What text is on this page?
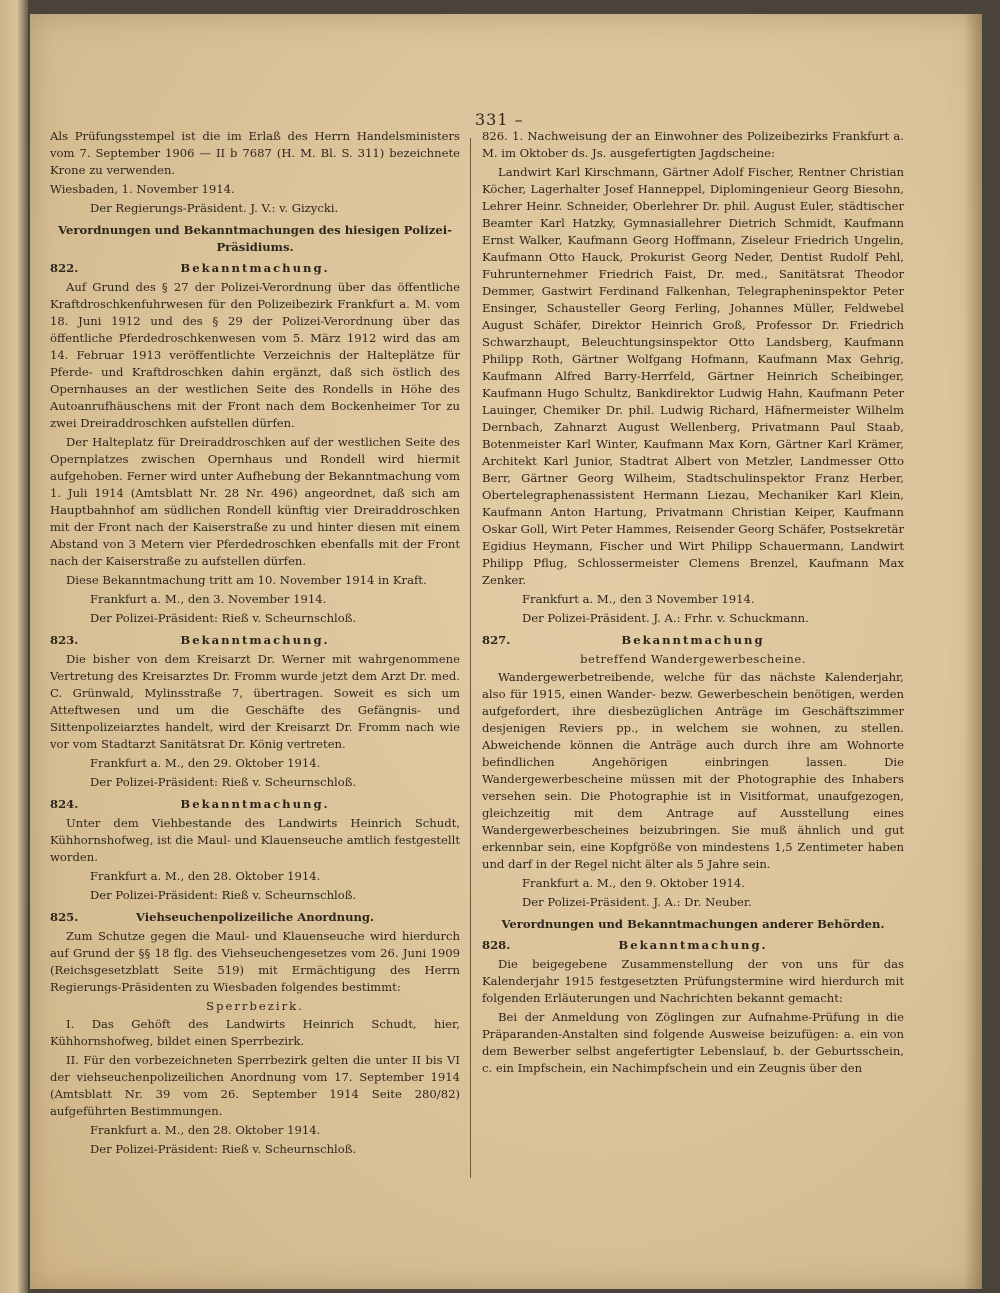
331 –

Als Prüfungsstempel ist die im Erlaß des Herrn Handelsministers vom 7. September 1906 — II b 7687 (H. M. Bl. S. 311) bezeichnete Krone zu verwenden.

Wiesbaden, 1. November 1914.

Der Regierungs-Präsident. J. V.: v. Gizycki.

Verordnungen und Bekanntmachungen des hiesigen Polizei-Präsidiums.

822.	Bekanntmachung.

Auf Grund des § 27 der Polizei-Verordnung über das öffentliche Kraftdroschkenfuhrwesen für den Polizeibezirk Frankfurt a. M. vom 18. Juni 1912 und des § 29 der Polizei-Verordnung über das öffentliche Pferdedroschkenwesen vom 5. März 1912 wird das am 14. Februar 1913 veröffentlichte Verzeichnis der Halteplätze für Pferde- und Kraftdroschken dahin ergänzt, daß sich östlich des Opernhauses an der westlichen Seite des Rondells in Höhe des Autoanrufhäuschens mit der Front nach dem Bockenheimer Tor zu zwei Dreiraddroschken aufstellen dürfen.

Der Halteplatz für Dreiraddroschken auf der westlichen Seite des Opernplatzes zwischen Opernhaus und Rondell wird hiermit aufgehoben. Ferner wird unter Aufhebung der Bekanntmachung vom 1. Juli 1914 (Amtsblatt Nr. 28 Nr. 496) angeordnet, daß sich am Hauptbahnhof am südlichen Rondell künftig vier Dreiraddroschken mit der Front nach der Kaiserstraße zu und hinter diesen mit einem Abstand von 3 Metern vier Pferdedroschken ebenfalls mit der Front nach der Kaiserstraße zu aufstellen dürfen.

Diese Bekanntmachung tritt am 10. November 1914 in Kraft.

Frankfurt a. M., den 3. November 1914.

Der Polizei-Präsident: Rieß v. Scheurnschloß.

823.	Bekanntmachung.

Die bisher von dem Kreisarzt Dr. Werner mit wahrgenommene Vertretung des Kreisarztes Dr. Fromm wurde jetzt dem Arzt Dr. med. C. Grünwald, Mylinsstraße 7, übertragen. Soweit es sich um Atteftwesen und um die Geschäfte des Gefängnis- und Sittenpolizeiarztes handelt, wird der Kreisarzt Dr. Fromm nach wie vor vom Stadtarzt Sanitätsrat Dr. König vertreten.

Frankfurt a. M., den 29. Oktober 1914.

Der Polizei-Präsident: Rieß v. Scheurnschloß.

824.	Bekanntmachung.

Unter dem Viehbestande des Landwirts Heinrich Schudt, Kühhornshofweg, ist die Maul- und Klauenseuche amtlich festgestellt worden.

Frankfurt a. M., den 28. Oktober 1914.

Der Polizei-Präsident: Rieß v. Scheurnschloß.

825.	Viehseuchenpolizeiliche Anordnung.

Zum Schutze gegen die Maul- und Klauenseuche wird hierdurch auf Grund der §§ 18 flg. des Viehseuchengesetzes vom 26. Juni 1909 (Reichsgesetzblatt Seite 519) mit Ermächtigung des Herrn Regierungs-Präsidenten zu Wiesbaden folgendes bestimmt:

Sperrbezirk.

I. Das Gehöft des Landwirts Heinrich Schudt, hier, Kühhornshofweg, bildet einen Sperrbezirk.

II. Für den vorbezeichneten Sperrbezirk gelten die unter II bis VI der viehseuchenpolizeilichen Anordnung vom 17. September 1914 (Amtsblatt Nr. 39 vom 26. September 1914 Seite 280/82) aufgeführten Bestimmungen.

Frankfurt a. M., den 28. Oktober 1914.

Der Polizei-Präsident: Rieß v. Scheurnschloß.

826. 1. Nachweisung der an Einwohner des Polizeibezirks Frankfurt a. M. im Oktober ds. Js. ausgefertigten Jagdscheine:

Landwirt Karl Kirschmann, Gärtner Adolf Fischer, Rentner Christian Köcher, Lagerhalter Josef Hanneppel, Diplomingenieur Georg Biesohn, Lehrer Heinr. Schneider, Oberlehrer Dr. phil. August Euler, städtischer Beamter Karl Hatzky, Gymnasiallehrer Dietrich Schmidt, Kaufmann Ernst Walker, Kaufmann Georg Hoffmann, Ziseleur Friedrich Ungelin, Kaufmann Otto Hauck, Prokurist Georg Neder, Dentist Rudolf Pehl, Fuhrunternehmer Friedrich Faist, Dr. med., Sanitätsrat Theodor Demmer, Gastwirt Ferdinand Falkenhan, Telegrapheninspektor Peter Ensinger, Schausteller Georg Ferling, Johannes Müller, Feldwebel August Schäfer, Direktor Heinrich Groß, Professor Dr. Friedrich Schwarzhaupt, Beleuchtungsinspektor Otto Landsberg, Kaufmann Philipp Roth, Gärtner Wolfgang Hofmann, Kaufmann Max Gehrig, Kaufmann Alfred Barry-Herrfeld, Gärtner Heinrich Scheibinger, Kaufmann Hugo Schultz, Bankdirektor Ludwig Hahn, Kaufmann Peter Lauinger, Chemiker Dr. phil. Ludwig Richard, Häfnermeister Wilhelm Dernbach, Zahnarzt August Wellenberg, Privatmann Paul Staab, Botenmeister Karl Winter, Kaufmann Max Korn, Gärtner Karl Krämer, Architekt Karl Junior, Stadtrat Albert von Metzler, Landmesser Otto Berr, Gärtner Georg Wilheim, Stadtschulinspektor Franz Herber, Obertelegraphenassistent Hermann Liezau, Mechaniker Karl Klein, Kaufmann Anton Hartung, Privatmann Christian Keiper, Kaufmann Oskar Goll, Wirt Peter Hammes, Reisender Georg Schäfer, Postsekretär Egidius Heymann, Fischer und Wirt Philipp Schauermann, Landwirt Philipp Pflug, Schlossermeister Clemens Brenzel, Kaufmann Max Zenker.

Frankfurt a. M., den 3 November 1914.

Der Polizei-Präsident. J. A.: Frhr. v. Schuckmann.

827.	Bekanntmachung

betreffend Wandergewerbescheine.

Wandergewerbetreibende, welche für das nächste Kalenderjahr, also für 1915, einen Wander- bezw. Gewerbeschein benötigen, werden aufgefordert, ihre diesbezüglichen Anträge im Geschäftszimmer desjenigen Reviers pp., in welchem sie wohnen, zu stellen. Abweichende können die Anträge auch durch ihre am Wohnorte befindlichen Angehörigen einbringen lassen. Die Wandergewerbescheine müssen mit der Photographie des Inhabers versehen sein. Die Photographie ist in Visitformat, unaufgezogen, gleichzeitig mit dem Antrage auf Ausstellung eines Wandergewerbescheines beizubringen. Sie muß ähnlich und gut erkennbar sein, eine Kopfgröße von mindestens 1,5 Zentimeter haben und darf in der Regel nicht älter als 5 Jahre sein.

Frankfurt a. M., den 9. Oktober 1914.

Der Polizei-Präsident. J. A.: Dr. Neuber.

Verordnungen und Bekanntmachungen anderer Behörden.

828.	Bekanntmachung.

Die beigegebene Zusammenstellung der von uns für das Kalenderjahr 1915 festgesetzten Prüfungstermine wird hierdurch mit folgenden Erläuterungen und Nachrichten bekannt gemacht:

Bei der Anmeldung von Zöglingen zur Aufnahme-Prüfung in die Präparanden-Anstalten sind folgende Ausweise beizufügen: a. ein von dem Bewerber selbst angefertigter Lebenslauf, b. der Geburtsschein, c. ein Impfschein, ein Nachimpfschein und ein Zeugnis über den
